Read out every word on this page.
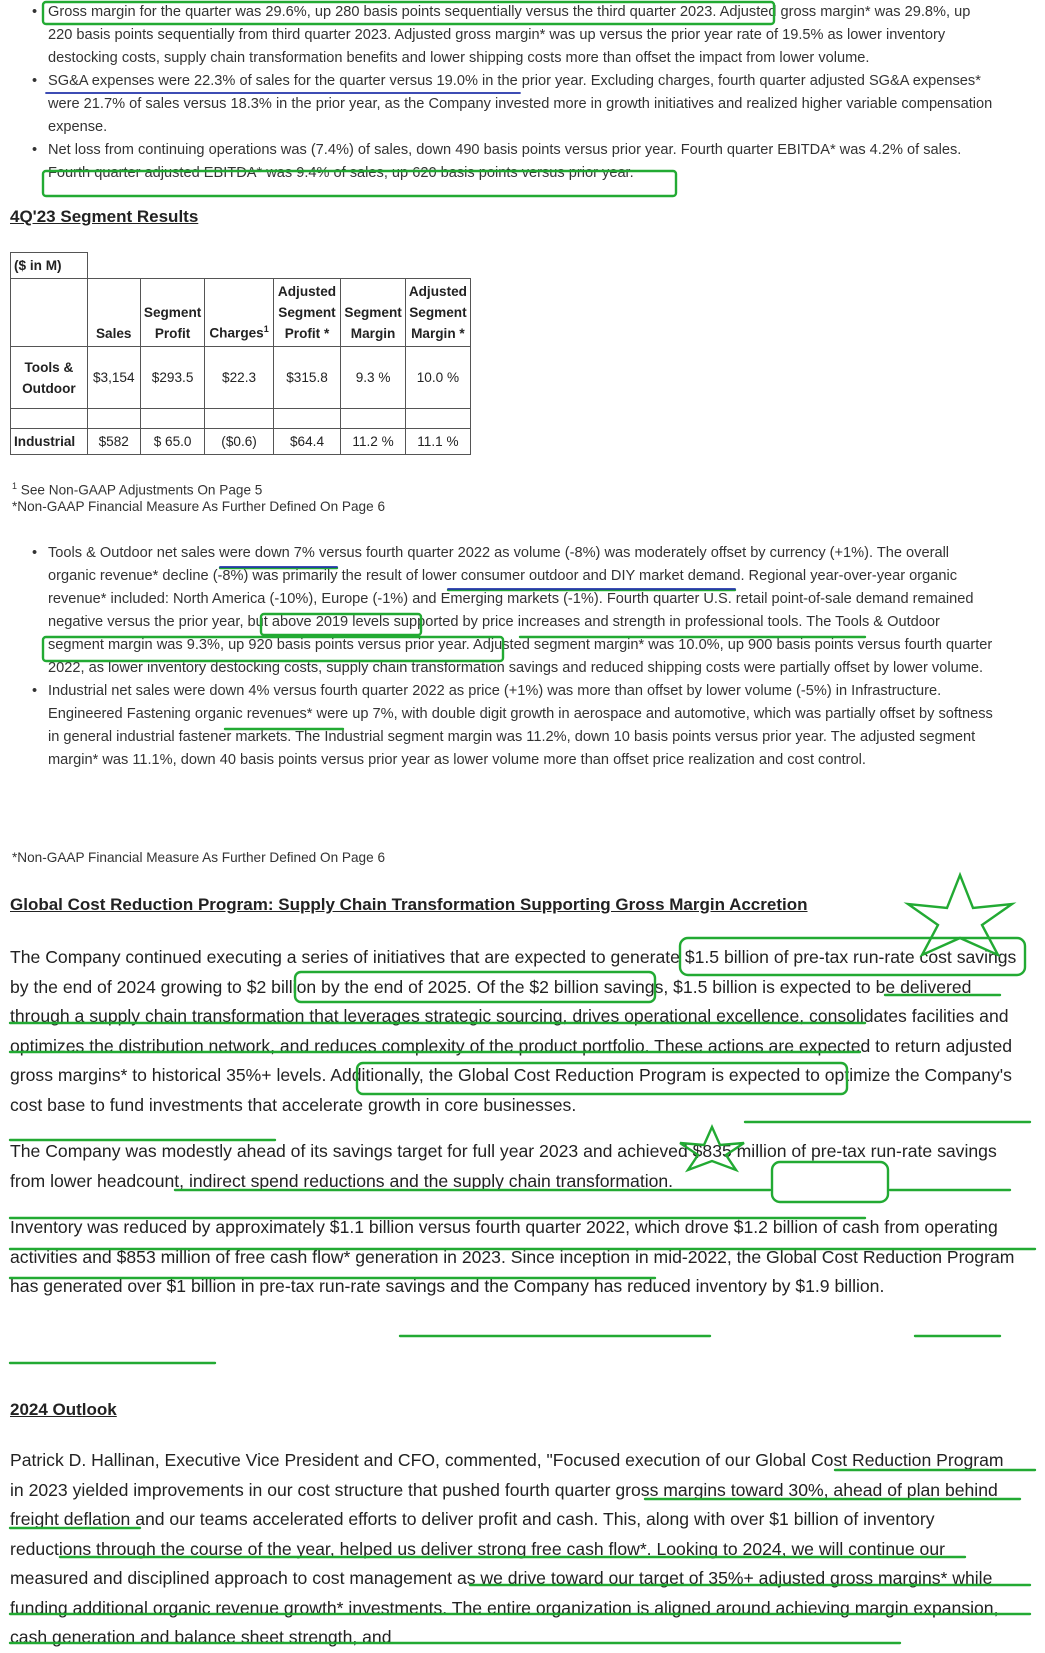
• Gross margin for the quarter was 29.6%, up 280 basis points sequentially versus the third quarter 2023. Adjusted gross margin* was 29.8%, up 220 basis points sequentially from third quarter 2023. Adjusted gross margin* was up versus the prior year rate of 19.5% as lower inventory destocking costs, supply chain transformation benefits and lower shipping costs more than offset the impact from lower volume.

• SG&A expenses were 22.3% of sales for the quarter versus 19.0% in the prior year. Excluding charges, fourth quarter adjusted SG&A expenses* were 21.7% of sales versus 18.3% in the prior year, as the Company invested more in growth initiatives and realized higher variable compensation expense.

• Net loss from continuing operations was (7.4%) of sales, down 490 basis points versus prior year. Fourth quarter EBITDA* was 4.2% of sales. Fourth quarter adjusted EBITDA* was 9.4% of sales, up 620 basis points versus prior year.

4Q'23 Segment Results

($ in M)						
	Sales	Segment Profit	Charges$^1$	Adjusted Segment Profit *	Segment Margin	Adjusted Segment Margin *
Tools & Outdoor	$3,154	$293.5	$22.3	$315.8	9.3 %	10.0 %

Industrial	$582	$ 65.0	($0.6)	$64.4	11.2 %	11.1 %

$^1$ See Non-GAAP Adjustments On Page 5

*Non-GAAP Financial Measure As Further Defined On Page 6

• Tools & Outdoor net sales were down 7% versus fourth quarter 2022 as volume (-8%) was moderately offset by currency (+1%). The overall organic revenue* decline (-8%) was primarily the result of lower consumer outdoor and DIY market demand. Regional year-over-year organic revenue* included: North America (-10%), Europe (-1%) and Emerging markets (-1%). Fourth quarter U.S. retail point-of-sale demand remained negative versus the prior year, but above 2019 levels supported by price increases and strength in professional tools. The Tools & Outdoor segment margin was 9.3%, up 920 basis points versus prior year. Adjusted segment margin* was 10.0%, up 900 basis points versus fourth quarter 2022, as lower inventory destocking costs, supply chain transformation savings and reduced shipping costs were partially offset by lower volume.

• Industrial net sales were down 4% versus fourth quarter 2022 as price (+1%) was more than offset by lower volume (-5%) in Infrastructure. Engineered Fastening organic revenues* were up 7%, with double digit growth in aerospace and automotive, which was partially offset by softness in general industrial fastener markets. The Industrial segment margin was 11.2%, down 10 basis points versus prior year. The adjusted segment margin* was 11.1%, down 40 basis points versus prior year as lower volume more than offset price realization and cost control.

*Non-GAAP Financial Measure As Further Defined On Page 6

Global Cost Reduction Program: Supply Chain Transformation Supporting Gross Margin Accretion

The Company continued executing a series of initiatives that are expected to generate $1.5 billion of pre-tax run-rate cost savings by the end of 2024 growing to $2 billion by the end of 2025. Of the $2 billion savings, $1.5 billion is expected to be delivered through a supply chain transformation that leverages strategic sourcing, drives operational excellence, consolidates facilities and optimizes the distribution network, and reduces complexity of the product portfolio. These actions are expected to return adjusted gross margins* to historical 35%+ levels. Additionally, the Global Cost Reduction Program is expected to optimize the Company's cost base to fund investments that accelerate growth in core businesses.

The Company was modestly ahead of its savings target for full year 2023 and achieved $835 million of pre-tax run-rate savings from lower headcount, indirect spend reductions and the supply chain transformation.

Inventory was reduced by approximately $1.1 billion versus fourth quarter 2022, which drove $1.2 billion of cash from operating activities and $853 million of free cash flow* generation in 2023. Since inception in mid-2022, the Global Cost Reduction Program has generated over $1 billion in pre-tax run-rate savings and the Company has reduced inventory by $1.9 billion.

2024 Outlook

Patrick D. Hallinan, Executive Vice President and CFO, commented, "Focused execution of our Global Cost Reduction Program in 2023 yielded improvements in our cost structure that pushed fourth quarter gross margins toward 30%, ahead of plan behind freight deflation and our teams accelerated efforts to deliver profit and cash. This, along with over $1 billion of inventory reductions through the course of the year, helped us deliver strong free cash flow*. Looking to 2024, we will continue our measured and disciplined approach to cost management as we drive toward our target of 35%+ adjusted gross margins* while funding additional organic revenue growth* investments. The entire organization is aligned around achieving margin expansion, cash generation and balance sheet strength, and
